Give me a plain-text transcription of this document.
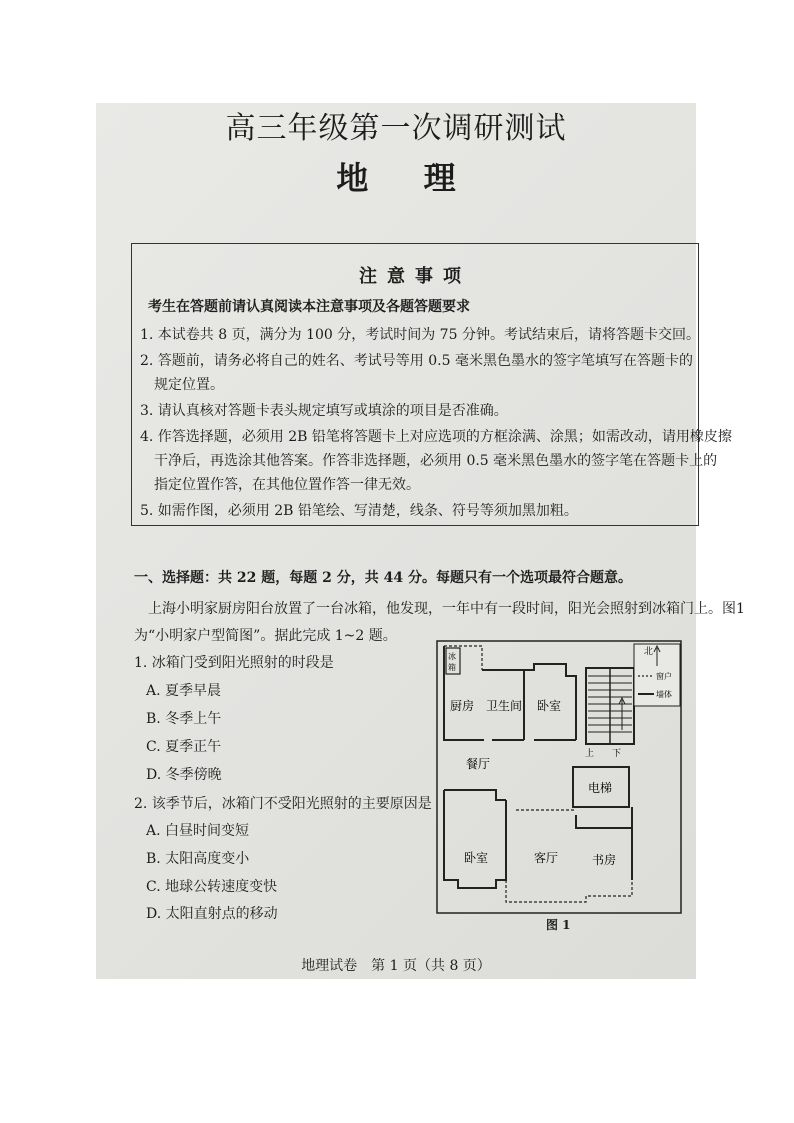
高三年级第一次调研测试
地 理
注意事项
考生在答题前请认真阅读本注意事项及各题答题要求
1. 本试卷共 8 页，满分为 100 分，考试时间为 75 分钟。考试结束后，请将答题卡交回。
2. 答题前，请务必将自己的姓名、考试号等用 0.5 毫米黑色墨水的签字笔填写在答题卡的
规定位置。
3. 请认真核对答题卡表头规定填写或填涂的项目是否准确。
4. 作答选择题，必须用 2B 铅笔将答题卡上对应选项的方框涂满、涂黑；如需改动，请用橡皮擦
干净后，再选涂其他答案。作答非选择题，必须用 0.5 毫米黑色墨水的签字笔在答题卡上的
指定位置作答，在其他位置作答一律无效。
5. 如需作图，必须用 2B 铅笔绘、写清楚，线条、符号等须加黑加粗。
一、选择题：共 22 题，每题 2 分，共 44 分。每题只有一个选项最符合题意。
上海小明家厨房阳台放置了一台冰箱，他发现，一年中有一段时间，阳光会照射到冰箱门上。图1
为“小明家户型简图”。据此完成 1~2 题。
1. 冰箱门受到阳光照射的时段是
A. 夏季早晨
B. 冬季上午
C. 夏季正午
D. 冬季傍晚
2. 该季节后，冰箱门不受阳光照射的主要原因是
A. 白昼时间变短
B. 太阳高度变小
C. 地球公转速度变快
D. 太阳直射点的移动
冰
箱
上 下
北
窗户
墙体
电梯
厨房 卫生间 卧室
餐厅
卧室	客厅	书房
图 1
地理试卷　第 1 页（共 8 页）
